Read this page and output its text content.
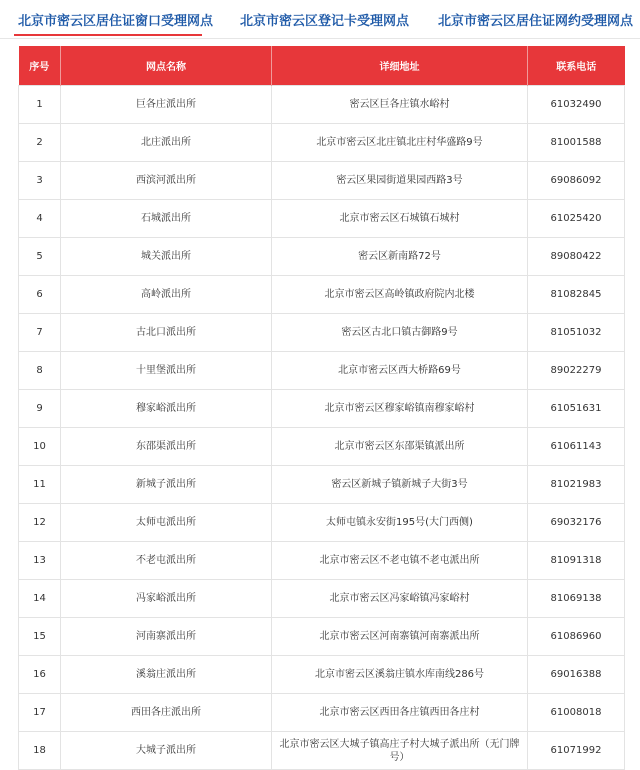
北京市密云区居住证窗口受理网点 北京市密云区登记卡受理网点 北京市密云区居住证网约受理网点
序号	网点名称	详细地址	联系电话
1	巨各庄派出所	密云区巨各庄镇水峪村	61032490
2	北庄派出所	北京市密云区北庄镇北庄村华盛路9号	81001588
3	西滨河派出所	密云区果园街道果园西路3号	69086092
4	石城派出所	北京市密云区石城镇石城村	61025420
5	城关派出所	密云区新南路72号	89080422
6	高岭派出所	北京市密云区高岭镇政府院内北楼	81082845
7	古北口派出所	密云区古北口镇古御路9号	81051032
8	十里堡派出所	北京市密云区西大桥路69号	89022279
9	穆家峪派出所	北京市密云区穆家峪镇南穆家峪村	61051631
10	东邵渠派出所	北京市密云区东邵渠镇派出所	61061143
11	新城子派出所	密云区新城子镇新城子大街3号	81021983
12	太师屯派出所	太师屯镇永安街195号(大门西侧)	69032176
13	不老屯派出所	北京市密云区不老屯镇不老屯派出所	81091318
14	冯家峪派出所	北京市密云区冯家峪镇冯家峪村	81069138
15	河南寨派出所	北京市密云区河南寨镇河南寨派出所	61086960
16	溪翁庄派出所	北京市密云区溪翁庄镇水库南线286号	69016388
17	西田各庄派出所	北京市密云区西田各庄镇西田各庄村	61008018
18	大城子派出所	北京市密云区大城子镇高庄子村大城子派出所（无门牌号）	61071992
